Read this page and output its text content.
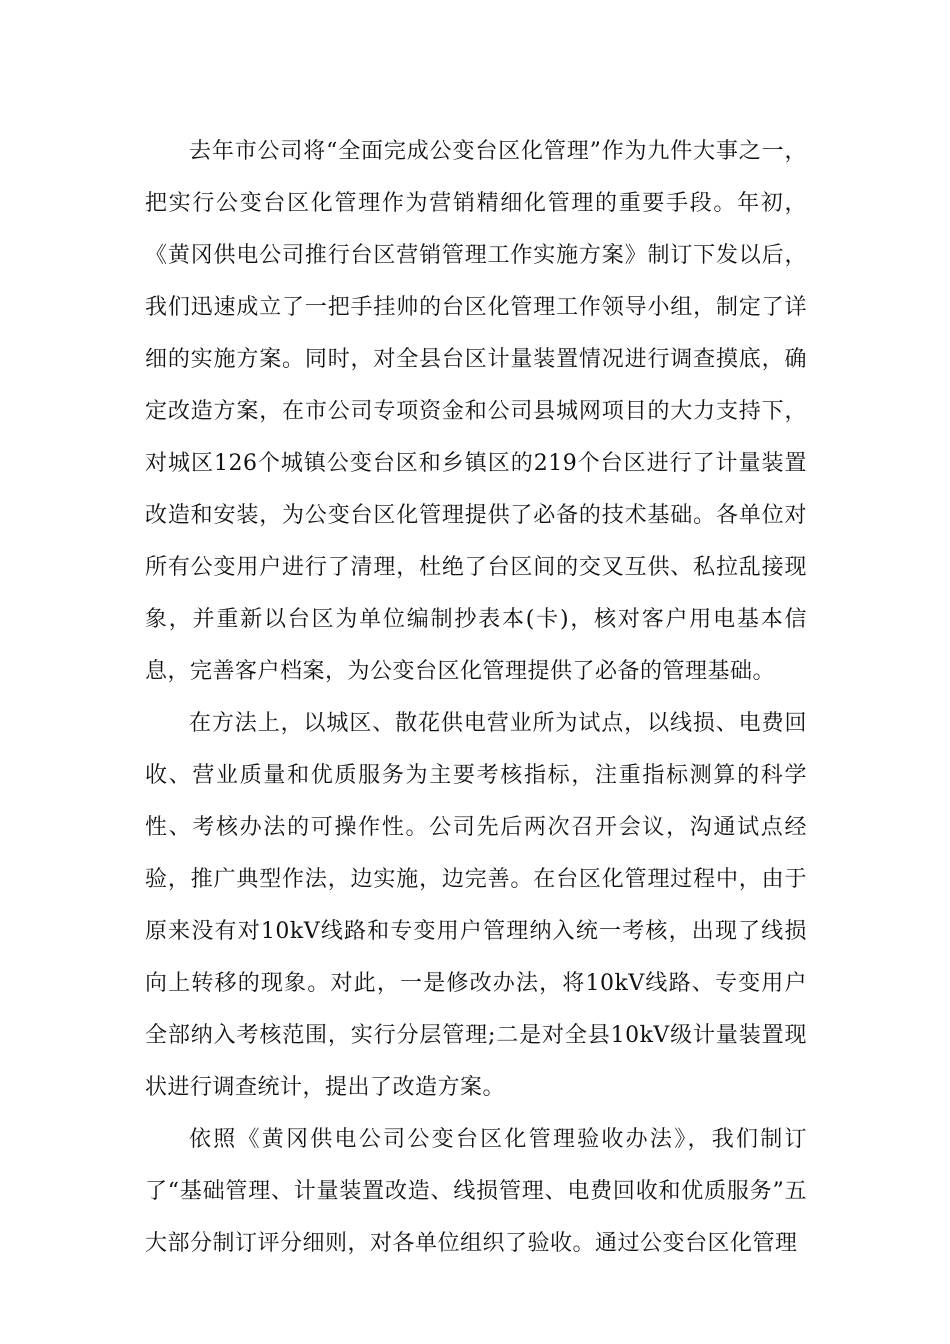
去年市公司将“全面完成公变台区化管理”作为九件大事之一，把实行公变台区化管理作为营销精细化管理的重要手段。年初，《黄冈供电公司推行台区营销管理工作实施方案》制订下发以后，我们迅速成立了一把手挂帅的台区化管理工作领导小组，制定了详细的实施方案。同时，对全县台区计量装置情况进行调查摸底，确定改造方案，在市公司专项资金和公司县城网项目的大力支持下，对城区126个城镇公变台区和乡镇区的219个台区进行了计量装置改造和安装，为公变台区化管理提供了必备的技术基础。各单位对所有公变用户进行了清理，杜绝了台区间的交叉互供、私拉乱接现象，并重新以台区为单位编制抄表本(卡)，核对客户用电基本信息，完善客户档案，为公变台区化管理提供了必备的管理基础。

在方法上，以城区、散花供电营业所为试点，以线损、电费回收、营业质量和优质服务为主要考核指标，注重指标测算的科学性、考核办法的可操作性。公司先后两次召开会议，沟通试点经验，推广典型作法，边实施，边完善。在台区化管理过程中，由于原来没有对10kV线路和专变用户管理纳入统一考核，出现了线损向上转移的现象。对此，一是修改办法，将10kV线路、专变用户全部纳入考核范围，实行分层管理;二是对全县10kV级计量装置现状进行调查统计，提出了改造方案。

依照《黄冈供电公司公变台区化管理验收办法》，我们制订了“基础管理、计量装置改造、线损管理、电费回收和优质服务”五大部分制订评分细则，对各单位组织了验收。通过公变台区化管理
